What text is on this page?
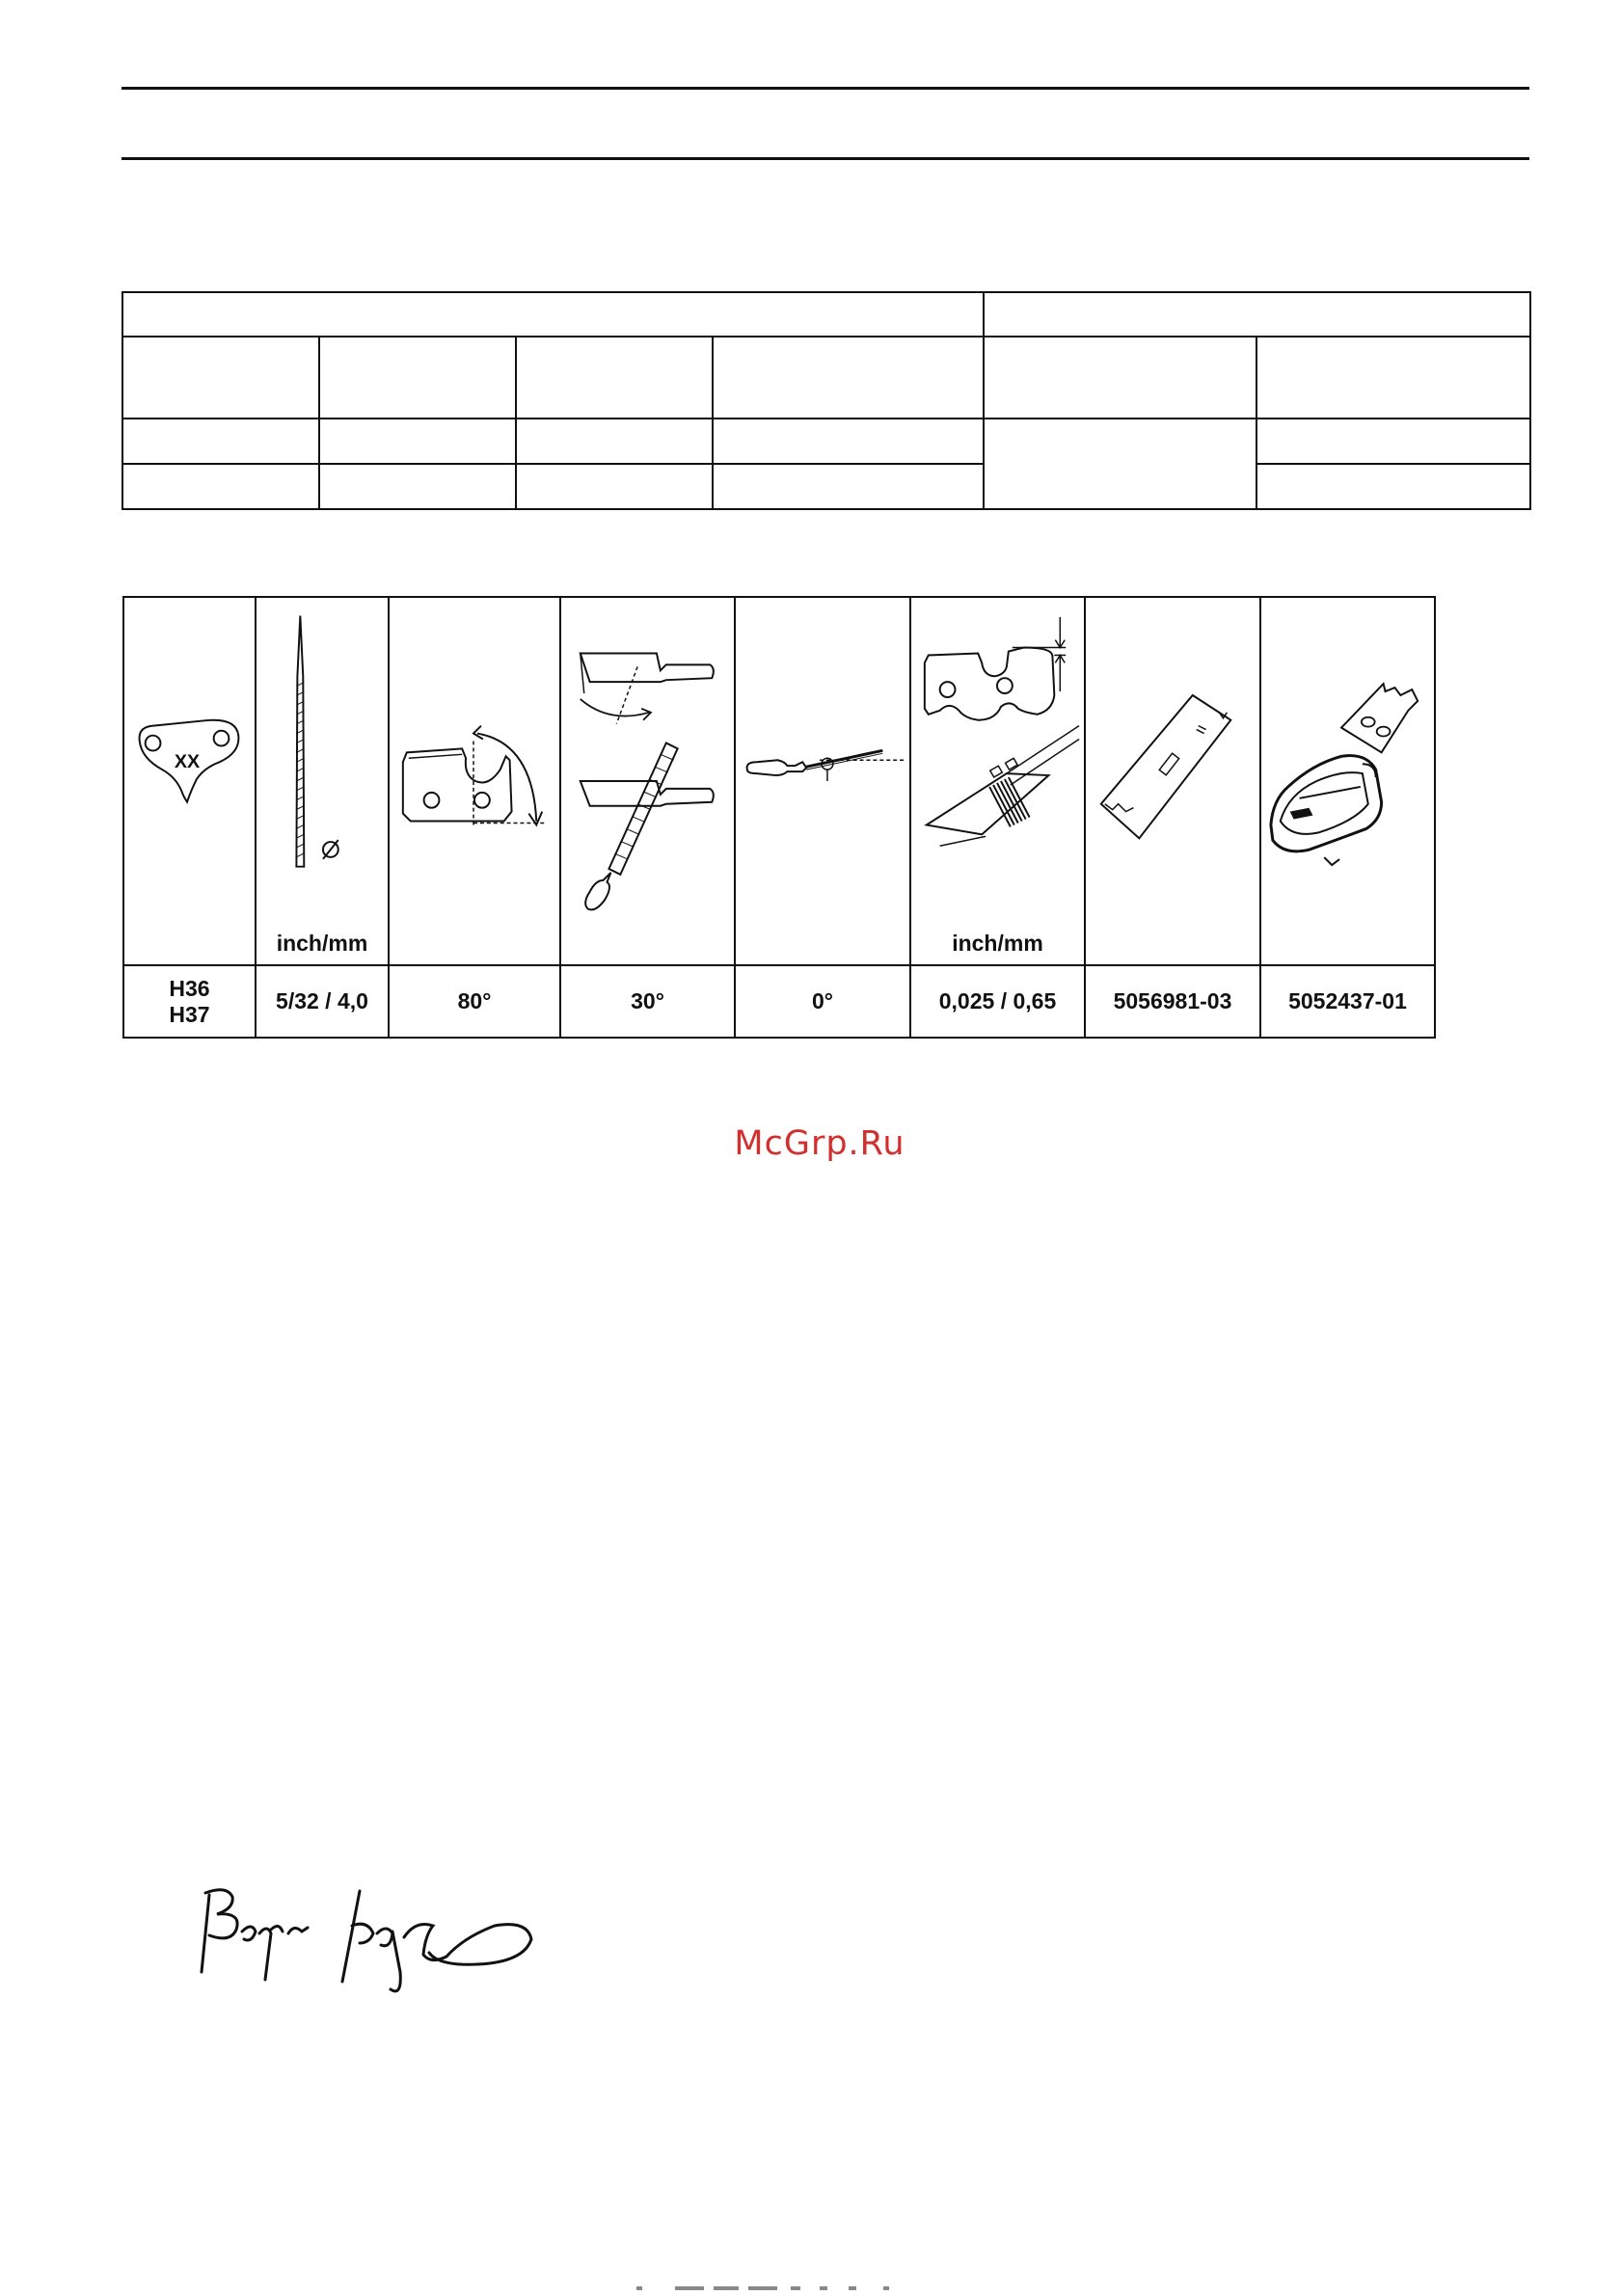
XX	inch/mm				inch/mm

H36
H37	5/32 / 4,0	80°	30°	0°	0,025 / 0,65	5056981-03	5052437-01
McGrp.Ru
